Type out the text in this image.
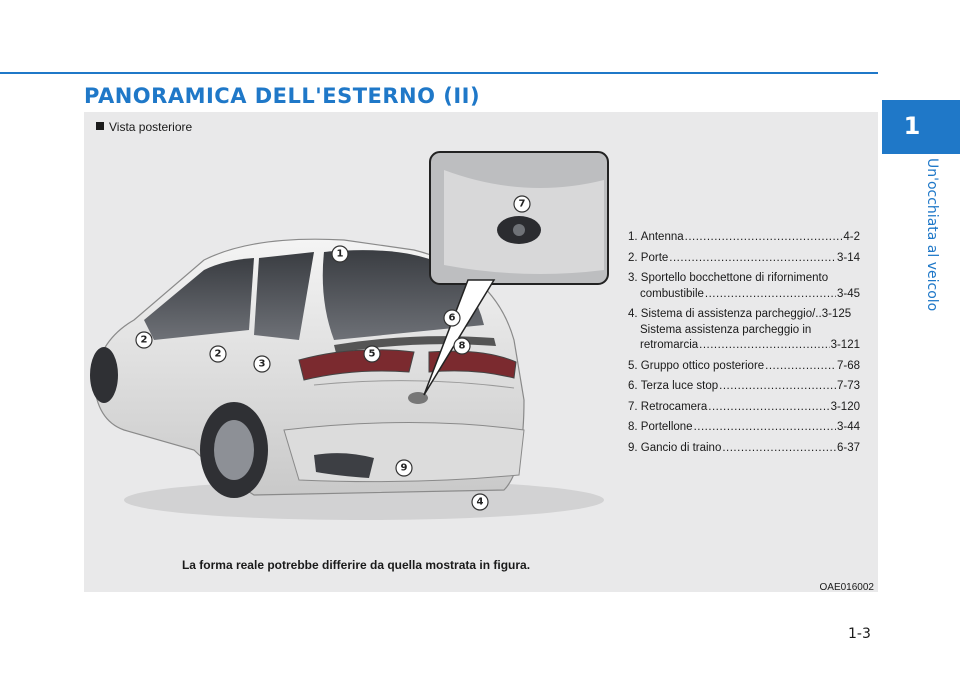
PANORAMICA DELL'ESTERNO (II)
1
Un'occhiata al veicolo
Vista posteriore
1
2
2
3
4
5
6
7
8
9
1.
Antenna .....	4-2
2.
Porte .....	3-14
3.
Sportello bocchettone di rifornimento
combustibile .....	3-45
4.
Sistema di assistenza parcheggio/..3-125
Sistema assistenza parcheggio in
retromarcia .....	3-121
5.
Gruppo ottico posteriore .....	7-68
6.
Terza luce stop .....	7-73
7.
Retrocamera .....	3-120
8.
Portellone .....	3-44
9.
Gancio di traino .....	6-37
La forma reale potrebbe differire da quella mostrata in figura.
OAE016002
1-3
